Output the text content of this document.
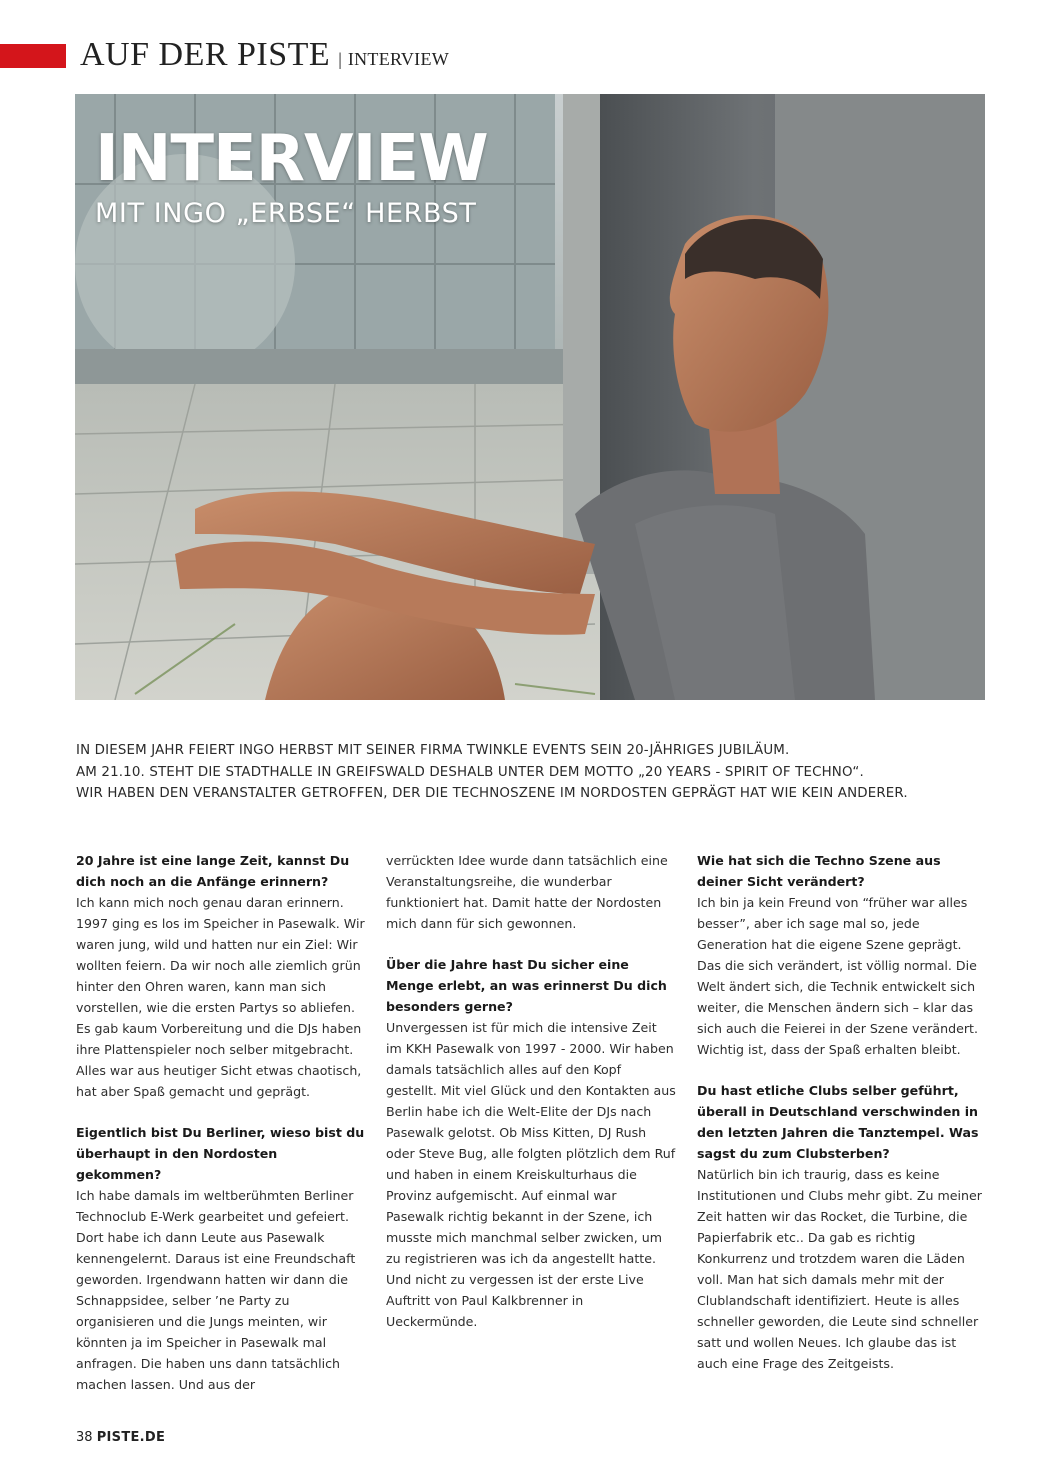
AUF DER PISTE | INTERVIEW
INTERVIEW
MIT INGO „ERBSE“ HERBST

IN DIESEM JAHR FEIERT INGO HERBST MIT SEINER FIRMA TWINKLE EVENTS SEIN 20-JÄHRIGES JUBILÄUM.

AM 21.10. STEHT DIE STADTHALLE IN GREIFSWALD DESHALB UNTER DEM MOTTO „20 YEARS - SPIRIT OF TECHNO“.

WIR HABEN DEN VERANSTALTER GETROFFEN, DER DIE TECHNOSZENE IM NORDOSTEN GEPRÄGT HAT WIE KEIN ANDERER.

20 Jahre ist eine lange Zeit, kannst Du dich noch an die Anfänge erinnern?

Ich kann mich noch genau daran erinnern. 1997 ging es los im Speicher in Pasewalk. Wir waren jung, wild und hatten nur ein Ziel: Wir wollten feiern. Da wir noch alle ziemlich grün hinter den Ohren waren, kann man sich vorstellen, wie die ersten Partys so abliefen. Es gab kaum Vorbereitung und die DJs haben ihre Plattenspieler noch selber mitgebracht. Alles war aus heutiger Sicht etwas chaotisch, hat aber Spaß gemacht und geprägt.

Eigentlich bist Du Berliner, wieso bist du überhaupt in den Nordosten gekommen?

Ich habe damals im weltberühmten Berliner Technoclub E-Werk gearbeitet und gefeiert. Dort habe ich dann Leute aus Pasewalk kennengelernt. Daraus ist eine Freundschaft geworden. Irgendwann hatten wir dann die Schnappsidee, selber ’ne Party zu organisieren und die Jungs meinten, wir könnten ja im Speicher in Pasewalk mal anfragen. Die haben uns dann tatsächlich machen lassen. Und aus der

verrückten Idee wurde dann tatsächlich eine Veranstaltungsreihe, die wunderbar funktioniert hat. Damit hatte der Nordosten mich dann für sich gewonnen.

Über die Jahre hast Du sicher eine Menge erlebt, an was erinnerst Du dich besonders gerne?

Unvergessen ist für mich die intensive Zeit im KKH Pasewalk von 1997 - 2000. Wir haben damals tatsächlich alles auf den Kopf gestellt. Mit viel Glück und den Kontakten aus Berlin habe ich die Welt-Elite der DJs nach Pasewalk gelotst. Ob Miss Kitten, DJ Rush oder Steve Bug, alle folgten plötzlich dem Ruf und haben in einem Kreiskulturhaus die Provinz aufgemischt. Auf einmal war Pasewalk richtig bekannt in der Szene, ich musste mich manchmal selber zwicken, um zu registrieren was ich da angestellt hatte. Und nicht zu vergessen ist der erste Live Auftritt von Paul Kalkbrenner in Ueckermünde.

Wie hat sich die Techno Szene aus deiner Sicht verändert?

Ich bin ja kein Freund von “früher war alles besser”, aber ich sage mal so, jede Generation hat die eigene Szene geprägt. Das die sich verändert, ist völlig normal. Die Welt ändert sich, die Technik entwickelt sich weiter, die Menschen ändern sich – klar das sich auch die Feierei in der Szene verändert. Wichtig ist, dass der Spaß erhalten bleibt.

Du hast etliche Clubs selber geführt, überall in Deutschland verschwinden in den letzten Jahren die Tanztempel. Was sagst du zum Clubsterben?

Natürlich bin ich traurig, dass es keine Institutionen und Clubs mehr gibt. Zu meiner Zeit hatten wir das Rocket, die Turbine, die Papierfabrik etc.. Da gab es richtig Konkurrenz und trotzdem waren die Läden voll. Man hat sich damals mehr mit der Clublandschaft identifiziert. Heute is alles schneller geworden, die Leute sind schneller satt und wollen Neues. Ich glaube das ist auch eine Frage des Zeitgeists.

38 PISTE.DE
